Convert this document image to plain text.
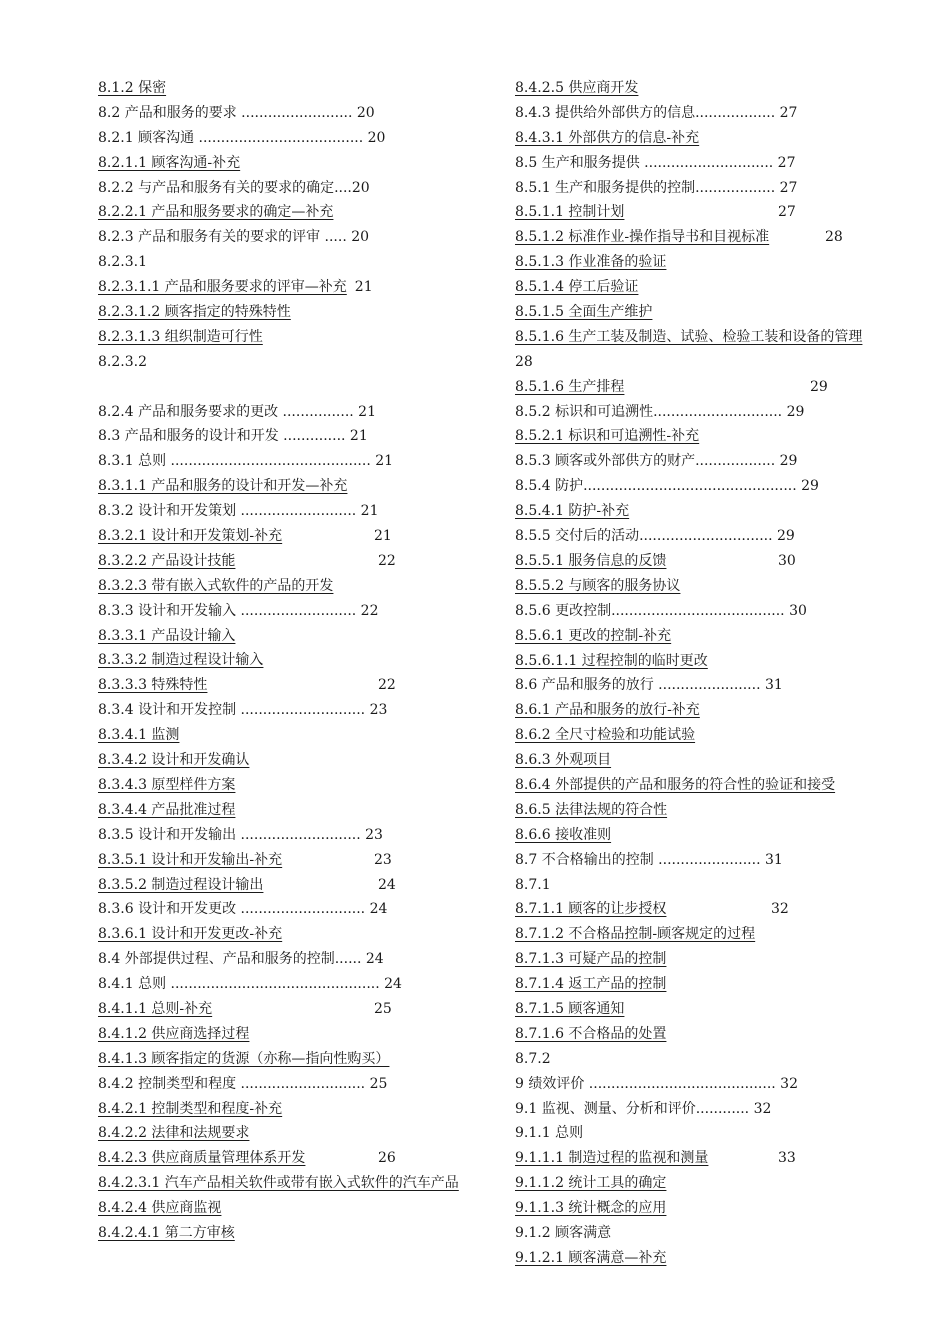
8.1.2 保密
8.2 产品和服务的要求 ......................... 20
8.2.1 顾客沟通 ..................................... 20
8.2.1.1 顾客沟通-补充
8.2.2 与产品和服务有关的要求的确定....20
8.2.2.1 产品和服务要求的确定—补充
8.2.3 产品和服务有关的要求的评审 ..... 20
8.2.3.1
8.2.3.1.1 产品和服务要求的评审—补充 21
8.2.3.1.2 顾客指定的特殊特性
8.2.3.1.3 组织制造可行性
8.2.3.2
8.2.4 产品和服务要求的更改 ................ 21
8.3 产品和服务的设计和开发 .............. 21
8.3.1 总则 ............................................. 21
8.3.1.1 产品和服务的设计和开发—补充
8.3.2 设计和开发策划 .......................... 21
8.3.2.1 设计和开发策划-补充	21
8.3.2.2 产品设计技能	22
8.3.2.3 带有嵌入式软件的产品的开发
8.3.3 设计和开发输入 .......................... 22
8.3.3.1 产品设计输入
8.3.3.2 制造过程设计输入
8.3.3.3 特殊特性	22
8.3.4 设计和开发控制 ............................ 23
8.3.4.1 监测
8.3.4.2 设计和开发确认
8.3.4.3 原型样件方案
8.3.4.4 产品批准过程
8.3.5 设计和开发输出 ........................... 23
8.3.5.1 设计和开发输出-补充	23
8.3.5.2 制造过程设计输出	24
8.3.6 设计和开发更改 ............................ 24
8.3.6.1 设计和开发更改-补充
8.4 外部提供过程、产品和服务的控制...... 24
8.4.1 总则 ............................................... 24
8.4.1.1 总则-补充	25
8.4.1.2 供应商选择过程
8.4.1.3 顾客指定的货源（亦称—指向性购买）
8.4.2 控制类型和程度 ............................ 25
8.4.2.1 控制类型和程度-补充
8.4.2.2 法律和法规要求
8.4.2.3 供应商质量管理体系开发	26
8.4.2.3.1 汽车产品相关软件或带有嵌入式软件的汽车产品
8.4.2.4 供应商监视
8.4.2.4.1 第二方审核
8.4.2.5 供应商开发
8.4.3 提供给外部供方的信息.................. 27
8.4.3.1 外部供方的信息-补充
8.5 生产和服务提供 ............................. 27
8.5.1 生产和服务提供的控制.................. 27
8.5.1.1 控制计划	27
8.5.1.2 标准作业-操作指导书和目视标准	28
8.5.1.3 作业准备的验证
8.5.1.4 停工后验证
8.5.1.5 全面生产维护
8.5.1.6 生产工装及制造、试验、检验工装和设备的管理
28
8.5.1.6 生产排程	29
8.5.2 标识和可追溯性............................. 29
8.5.2.1 标识和可追溯性-补充
8.5.3 顾客或外部供方的财产.................. 29
8.5.4 防护................................................ 29
8.5.4.1 防护-补充
8.5.5 交付后的活动.............................. 29
8.5.5.1 服务信息的反馈	30
8.5.5.2 与顾客的服务协议
8.5.6 更改控制....................................... 30
8.5.6.1 更改的控制-补充
8.5.6.1.1 过程控制的临时更改
8.6 产品和服务的放行 ....................... 31
8.6.1 产品和服务的放行-补充
8.6.2 全尺寸检验和功能试验
8.6.3 外观项目
8.6.4 外部提供的产品和服务的符合性的验证和接受
8.6.5 法律法规的符合性
8.6.6 接收准则
8.7 不合格输出的控制 ....................... 31
8.7.1
8.7.1.1 顾客的让步授权	32
8.7.1.2 不合格品控制-顾客规定的过程
8.7.1.3 可疑产品的控制
8.7.1.4 返工产品的控制
8.7.1.5 顾客通知
8.7.1.6 不合格品的处置
8.7.2
9 绩效评价 .......................................... 32
9.1 监视、测量、分析和评价............ 32
9.1.1 总则
9.1.1.1 制造过程的监视和测量	33
9.1.1.2 统计工具的确定
9.1.1.3 统计概念的应用
9.1.2 顾客满意
9.1.2.1 顾客满意—补充
